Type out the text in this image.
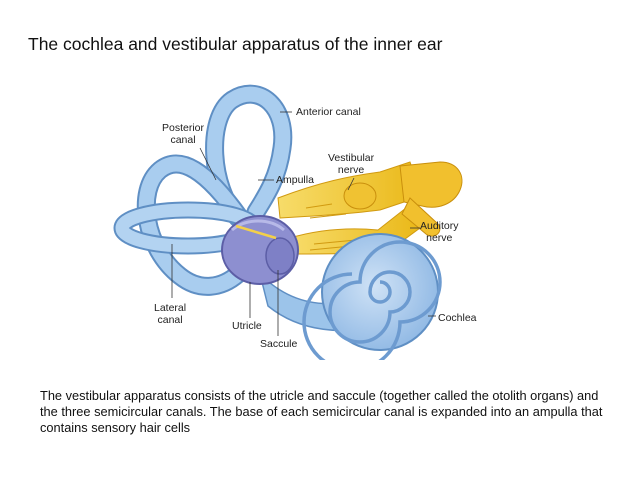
The cochlea and vestibular apparatus of the inner ear
Anterior canal
Posterior
canal
Vestibular
nerve
Ampulla
Auditory
nerve
Lateral
canal	Utricle
Saccule
Cochlea
The vestibular apparatus consists of the utricle and saccule (together called the otolith organs) and the three semicircular canals. The base of each semicircular canal is expanded into an ampulla that contains sensory hair cells
